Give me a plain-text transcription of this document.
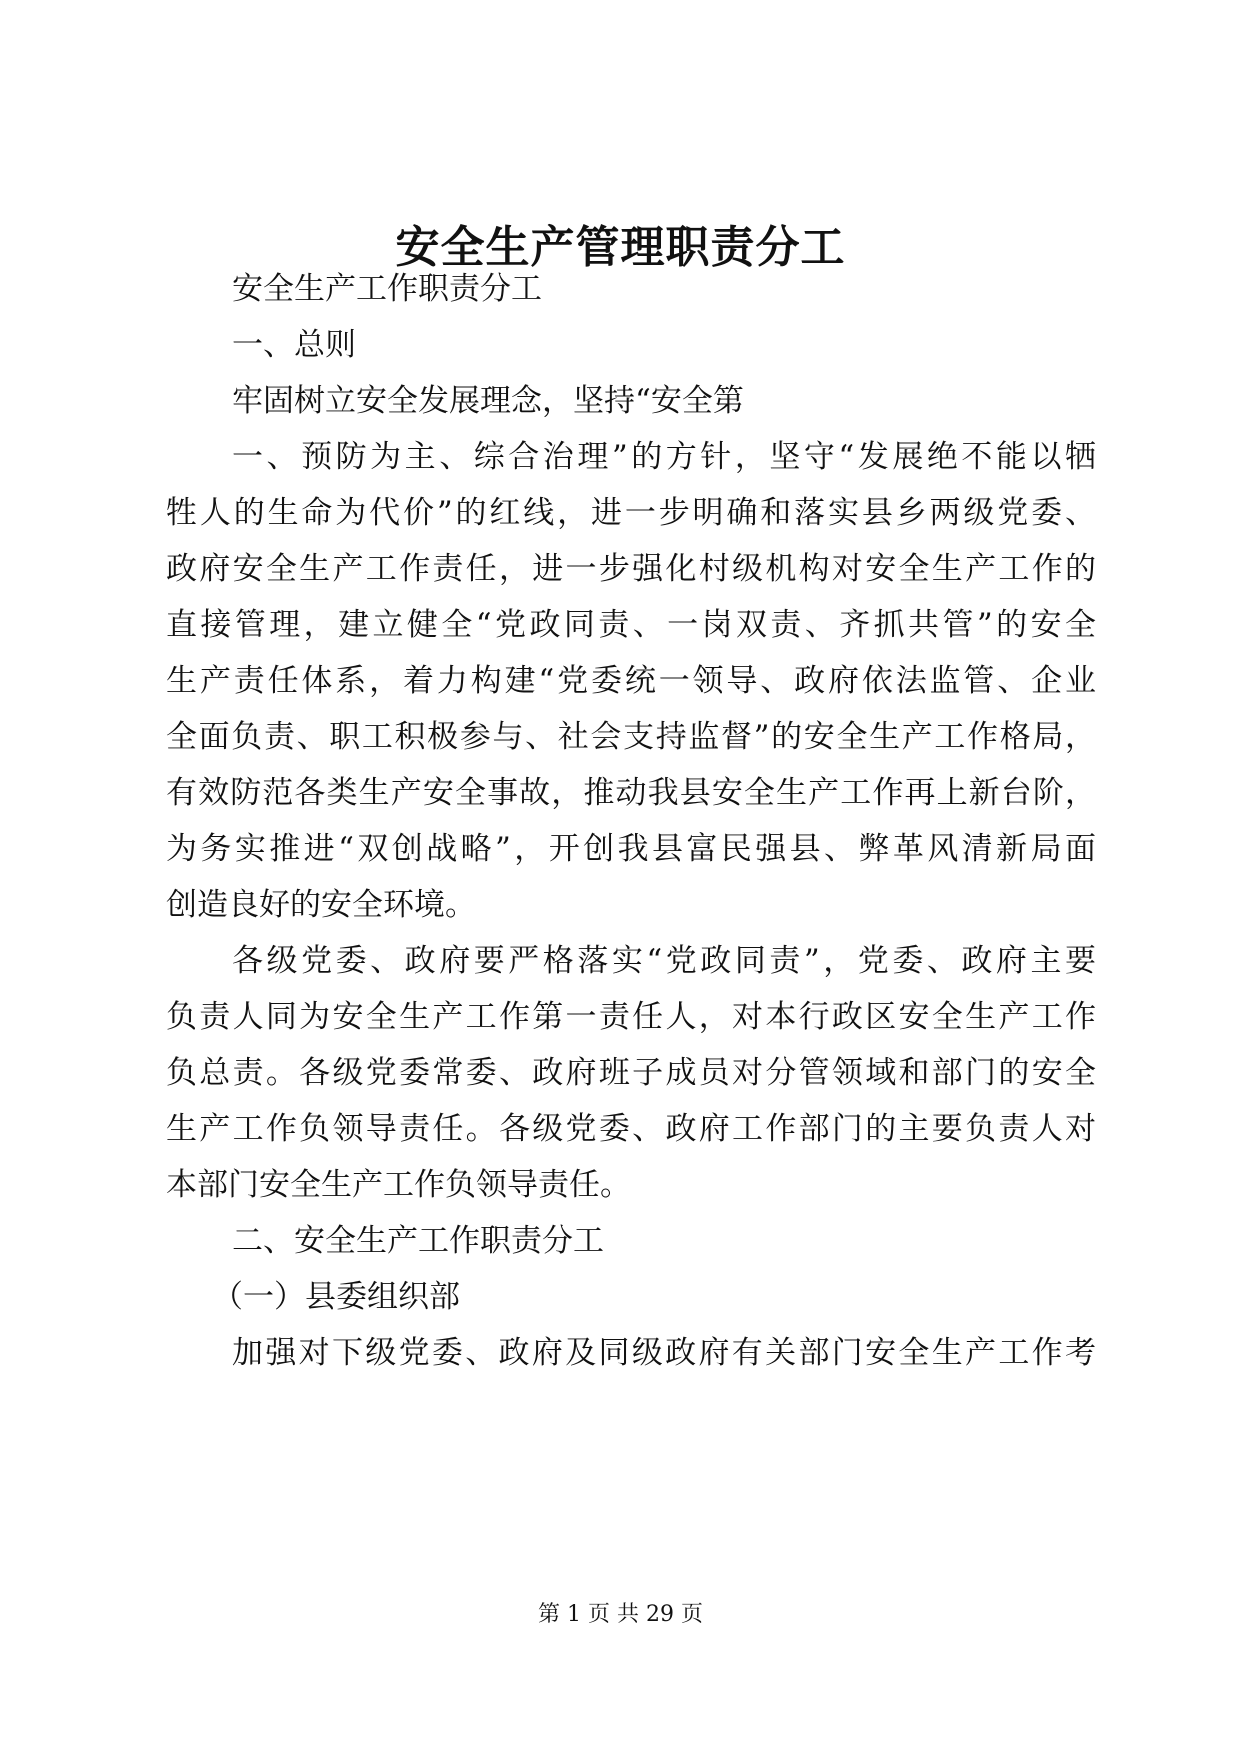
安全生产管理职责分工

安全生产工作职责分工

一、总则

牢固树立安全发展理念，坚持“安全第

一、预防为主、综合治理”的方针，坚守“发展绝不能以牺

牲人的生命为代价”的红线，进一步明确和落实县乡两级党委、

政府安全生产工作责任，进一步强化村级机构对安全生产工作的

直接管理，建立健全“党政同责、一岗双责、齐抓共管”的安全

生产责任体系，着力构建“党委统一领导、政府依法监管、企业

全面负责、职工积极参与、社会支持监督”的安全生产工作格局，

有效防范各类生产安全事故，推动我县安全生产工作再上新台阶，

为务实推进“双创战略”，开创我县富民强县、弊革风清新局面

创造良好的安全环境。

各级党委、政府要严格落实“党政同责”，党委、政府主要

负责人同为安全生产工作第一责任人，对本行政区安全生产工作

负总责。各级党委常委、政府班子成员对分管领域和部门的安全

生产工作负领导责任。各级党委、政府工作部门的主要负责人对

本部门安全生产工作负领导责任。

二、安全生产工作职责分工

（一）县委组织部

加强对下级党委、政府及同级政府有关部门安全生产工作考

第 1 页 共 29 页
